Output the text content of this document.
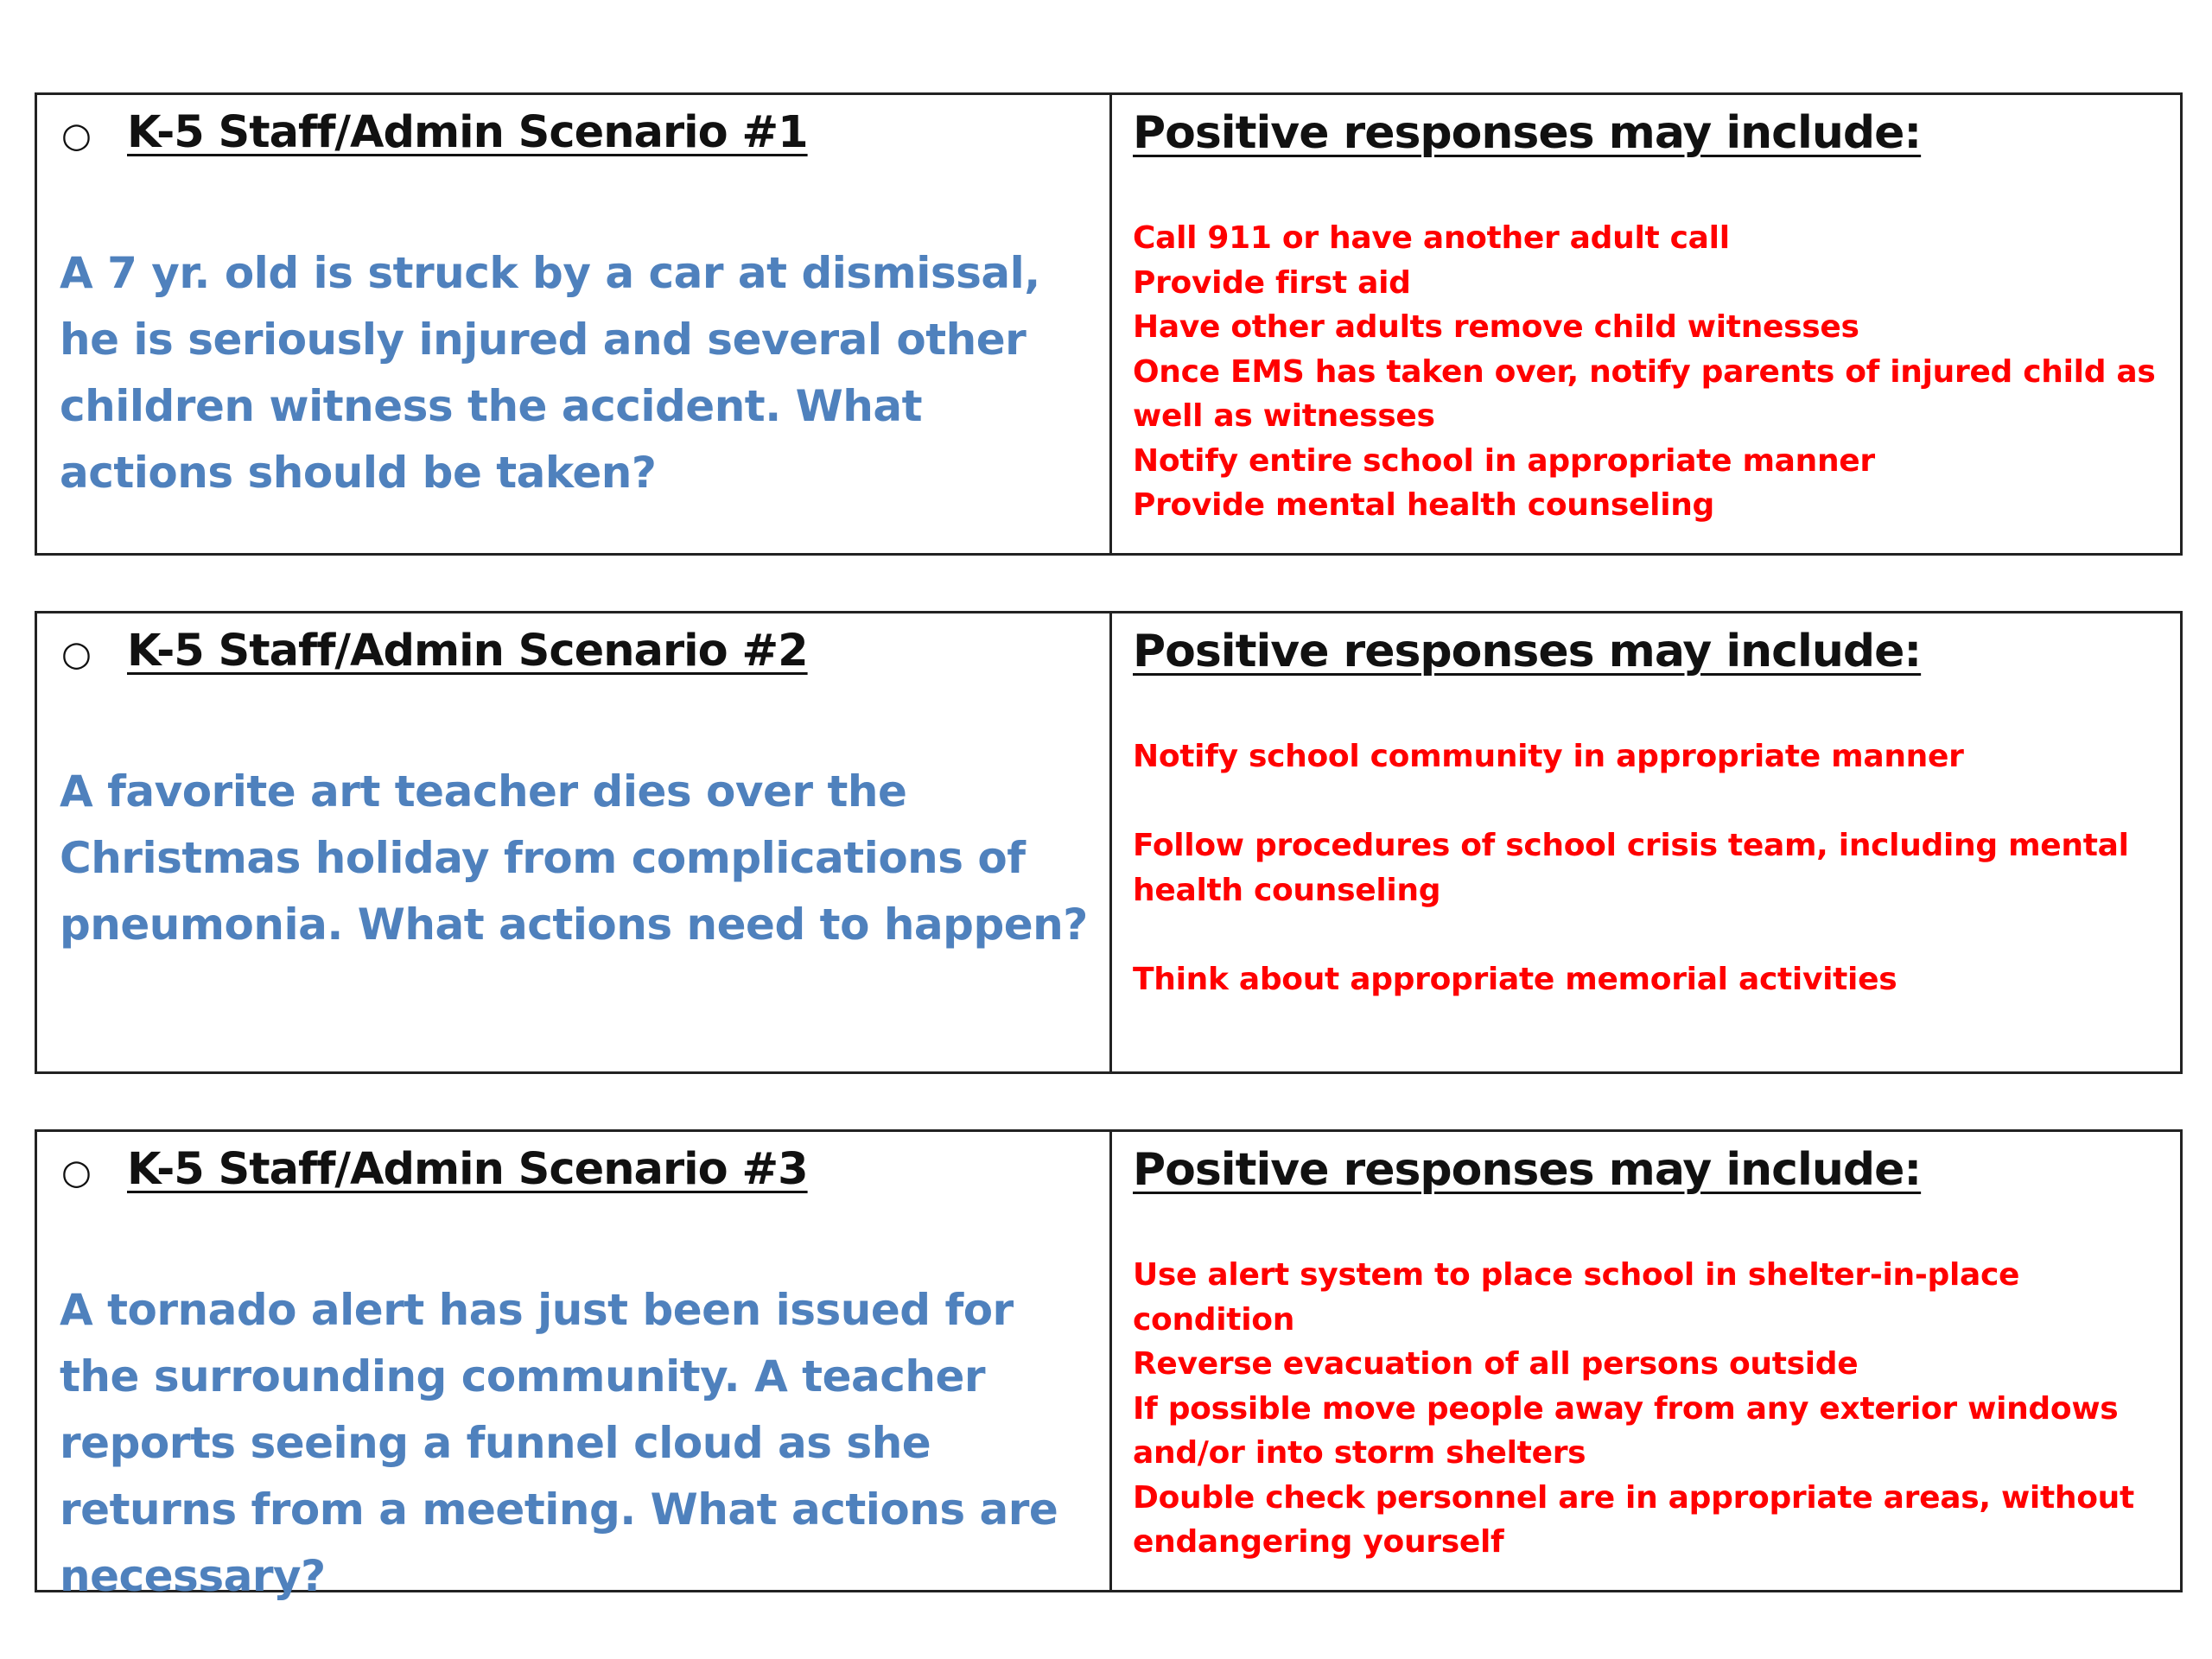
○ K-5 Staff/Admin Scenario #1
A 7 yr. old is struck by a car at dismissal, he is seriously injured and several other children witness the accident. What actions should be taken?
Positive responses may include:
Call 911 or have another adult call
Provide first aid
Have other adults remove child witnesses
Once EMS has taken over, notify parents of injured child as well as witnesses
Notify entire school in appropriate manner
Provide mental health counseling
○ K-5 Staff/Admin Scenario #2
A favorite art teacher dies over the Christmas holiday from complications of pneumonia. What actions need to happen?
Positive responses may include:
Notify school community in appropriate manner
Follow procedures of school crisis team, including mental health counseling
Think about appropriate memorial activities
○ K-5 Staff/Admin Scenario #3
A tornado alert has just been issued for the surrounding community. A teacher reports seeing a funnel cloud as she returns from a meeting. What actions are necessary?
Positive responses may include:
Use alert system to place school in shelter-in-place condition
Reverse evacuation of all persons outside
If possible move people away from any exterior windows and/or into storm shelters
Double check personnel are in appropriate areas, without endangering yourself
